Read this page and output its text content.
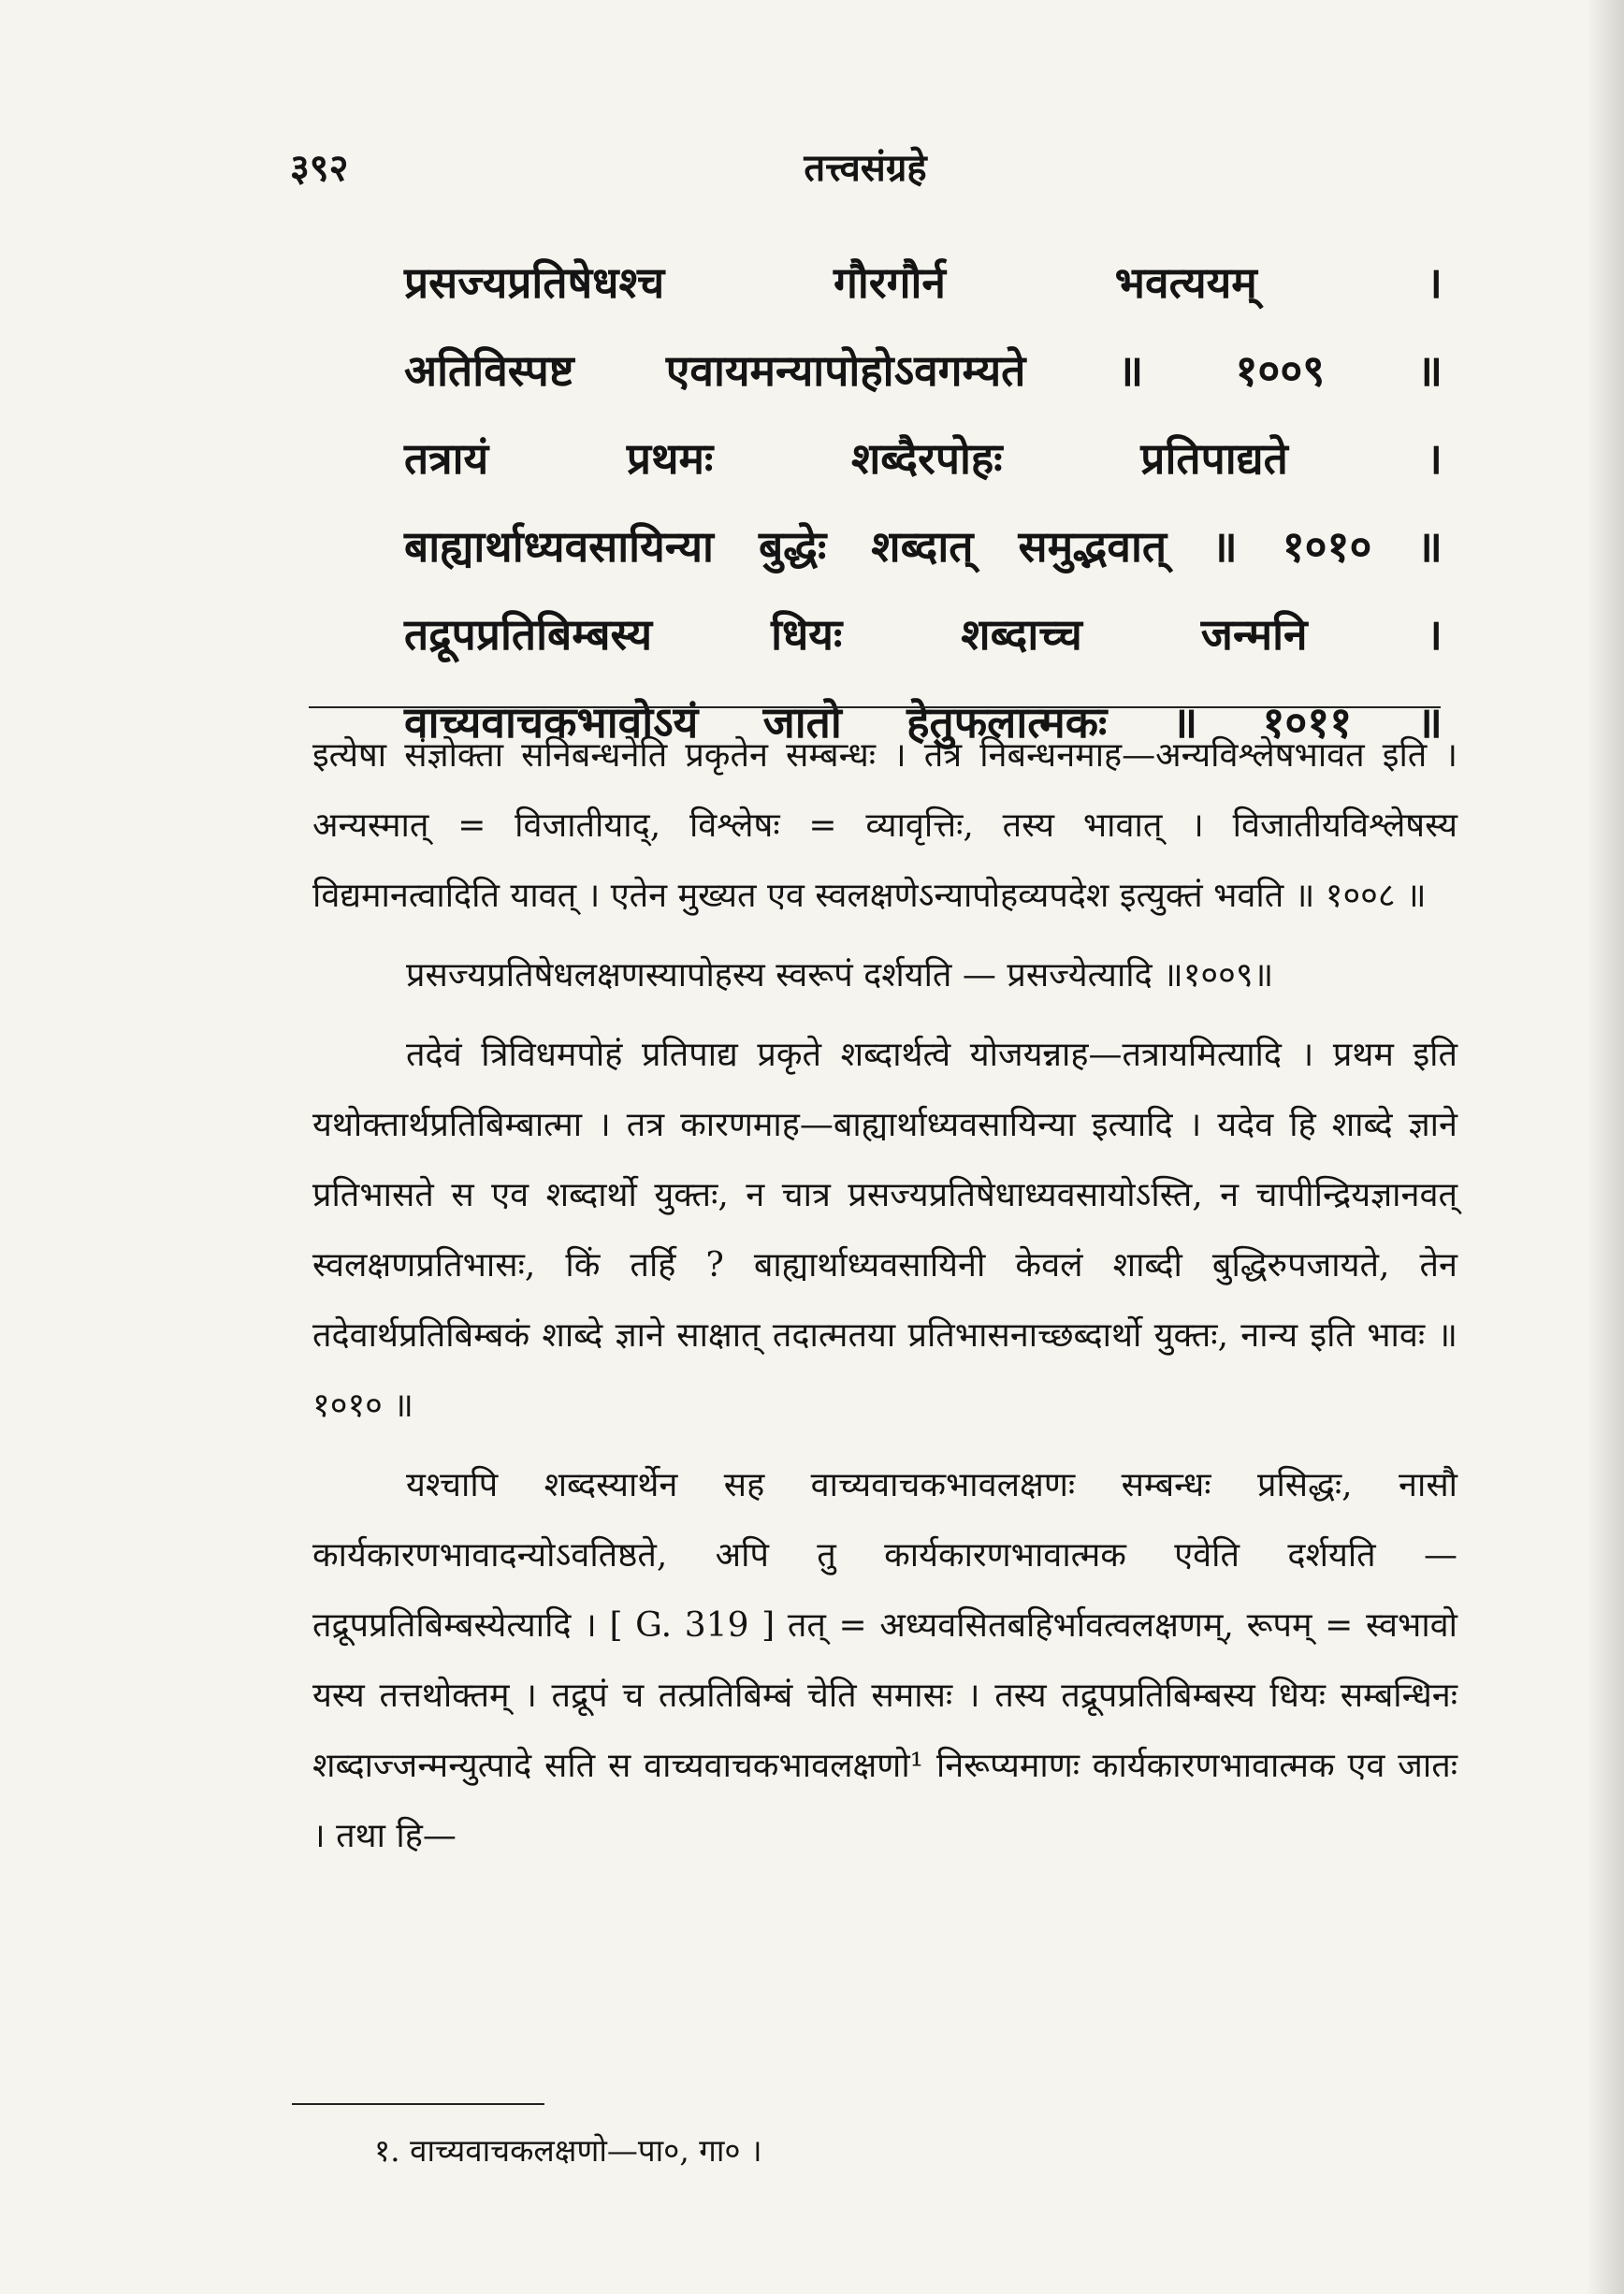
३९२	तत्त्वसंग्रहे
प्रसज्यप्रतिषेधश्च गौरगौर्न भवत्ययम् ।
अतिविस्पष्ट एवायमन्यापोहोऽवगम्यते ॥ १००९ ॥
तत्रायं प्रथमः शब्दैरपोहः प्रतिपाद्यते ।
बाह्यार्थाध्यवसायिन्या बुद्धेः शब्दात् समुद्भवात् ॥ १०१० ॥
तद्रूपप्रतिबिम्बस्य धियः शब्दाच्च जन्मनि ।
वाच्यवाचकभावोऽयं जातो हेतुफलात्मकः ॥ १०११ ॥

इत्येषा संज्ञोक्ता सनिबन्धनेति प्रकृतेन सम्बन्धः । तत्र निबन्धनमाह—अन्यविश्लेषभावत इति । अन्यस्मात् = विजातीयाद्, विश्लेषः = व्यावृत्तिः, तस्य भावात् । विजातीयविश्लेषस्य विद्यमानत्वादिति यावत् । एतेन मुख्यत एव स्वलक्षणेऽन्यापोहव्यपदेश इत्युक्तं भवति ॥ १००८ ॥

प्रसज्यप्रतिषेधलक्षणस्यापोहस्य स्वरूपं दर्शयति — प्रसज्येत्यादि ॥१००९॥

तदेवं त्रिविधमपोहं प्रतिपाद्य प्रकृते शब्दार्थत्वे योजयन्नाह—तत्रायमित्यादि । प्रथम इति यथोक्तार्थप्रतिबिम्बात्मा । तत्र कारणमाह—बाह्यार्थाध्यवसायिन्या इत्यादि । यदेव हि शाब्दे ज्ञाने प्रतिभासते स एव शब्दार्थो युक्तः, न चात्र प्रसज्यप्रतिषेधाध्यवसायोऽस्ति, न चापीन्द्रियज्ञानवत् स्वलक्षणप्रतिभासः, किं तर्हि ? बाह्यार्थाध्यवसायिनी केवलं शाब्दी बुद्धिरुपजायते, तेन तदेवार्थप्रतिबिम्बकं शाब्दे ज्ञाने साक्षात् तदात्मतया प्रतिभासनाच्छब्दार्थो युक्तः, नान्य इति भावः ॥ १०१० ॥

यश्चापि शब्दस्यार्थेन सह वाच्यवाचकभावलक्षणः सम्बन्धः प्रसिद्धः, नासौ कार्यकारणभावादन्योऽवतिष्ठते, अपि तु कार्यकारणभावात्मक एवेति दर्शयति — तद्रूपप्रतिबिम्बस्येत्यादि । [ G. 319 ] तत् = अध्यवसितबहिर्भावत्वलक्षणम्, रूपम् = स्वभावो यस्य तत्तथोक्तम् । तद्रूपं च तत्प्रतिबिम्बं चेति समासः । तस्य तद्रूपप्रतिबिम्बस्य धियः सम्बन्धिनः शब्दाज्जन्मन्युत्पादे सति स वाच्यवाचकभावलक्षणो¹ निरूप्यमाणः कार्यकारणभावात्मक एव जातः । तथा हि—

१. वाच्यवाचकलक्षणो—पा०, गा० ।
